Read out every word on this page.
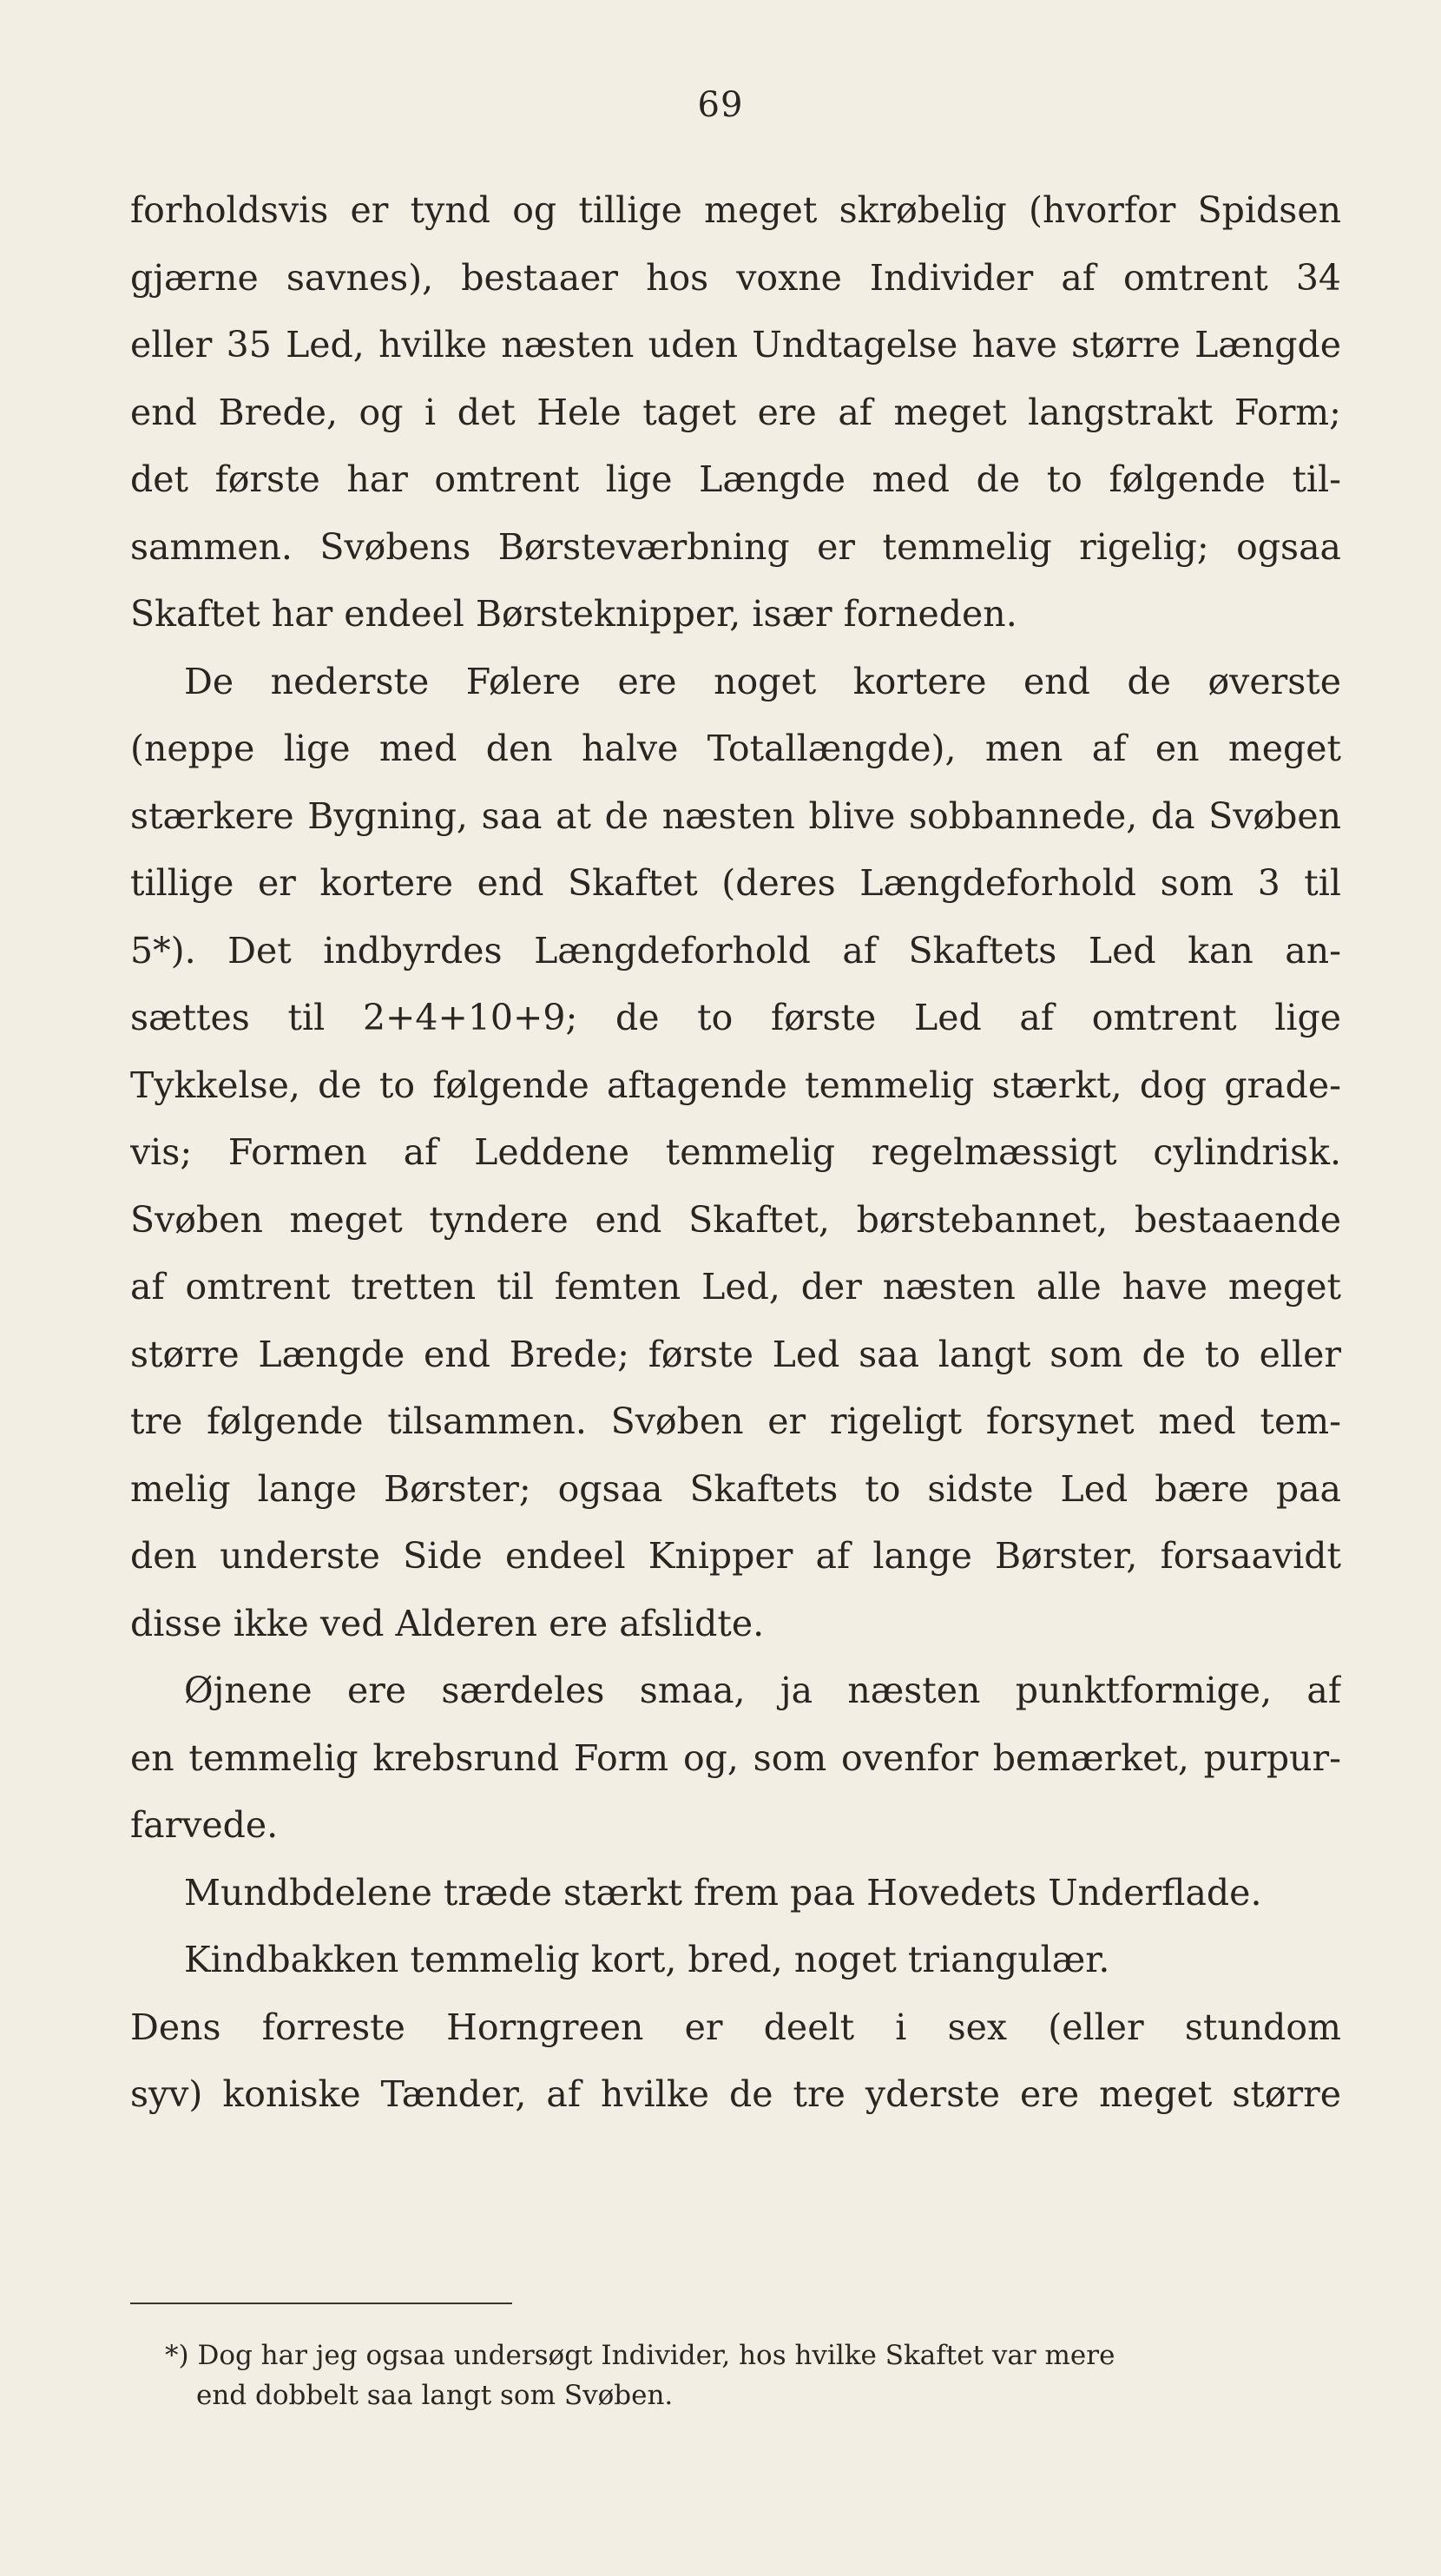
69
forholdsvis er tynd og tillige meget skrøbelig (hvorfor Spidsen
gjærne savnes), bestaaer hos voxne Individer af omtrent 34
eller 35 Led, hvilke næsten uden Undtagelse have større Længde
end Brede, og i det Hele taget ere af meget langstrakt Form;
det første har omtrent lige Længde med de to følgende til-
sammen. Svøbens Børsteværbning er temmelig rigelig; ogsaa
Skaftet har endeel Børsteknipper, især forneden.
De nederste Følere ere noget kortere end de øverste
(neppe lige med den halve Totallængde), men af en meget
stærkere Bygning, saa at de næsten blive sobbannede, da Svøben
tillige er kortere end Skaftet (deres Længdeforhold som 3 til
5*). Det indbyrdes Længdeforhold af Skaftets Led kan an-
sættes til 2+4+10+9; de to første Led af omtrent lige
Tykkelse, de to følgende aftagende temmelig stærkt, dog grade-
vis; Formen af Leddene temmelig regelmæssigt cylindrisk.
Svøben meget tyndere end Skaftet, børstebannet, bestaaende
af omtrent tretten til femten Led, der næsten alle have meget
større Længde end Brede; første Led saa langt som de to eller
tre følgende tilsammen. Svøben er rigeligt forsynet med tem-
melig lange Børster; ogsaa Skaftets to sidste Led bære paa
den underste Side endeel Knipper af lange Børster, forsaavidt
disse ikke ved Alderen ere afslidte.
Øjnene ere særdeles smaa, ja næsten punktformige, af
en temmelig krebsrund Form og, som ovenfor bemærket, purpur-
farvede.
Mundbdelene træde stærkt frem paa Hovedets Underflade.
Kindbakken temmelig kort, bred, noget triangulær.
Dens forreste Horngreen er deelt i sex (eller stundom
syv) koniske Tænder, af hvilke de tre yderste ere meget større
*) Dog har jeg ogsaa undersøgt Individer, hos hvilke Skaftet var mere
end dobbelt saa langt som Svøben.
